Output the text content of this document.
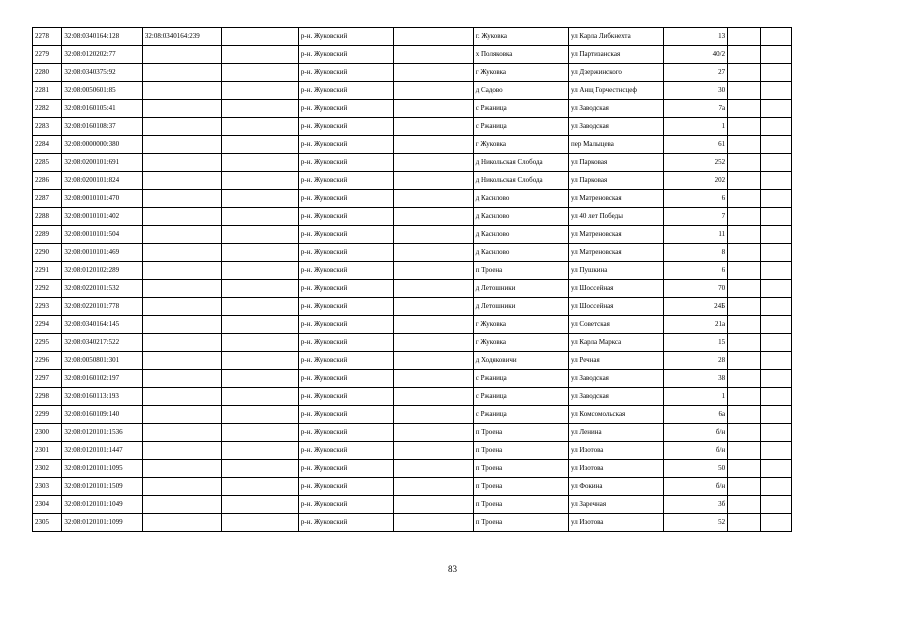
2278	32:08:0340164:128	32:08:0340164:239		р-н. Жуковский		г. Жуковка	ул Карла Либкнехта	13		
2279	32:08:0120202:77			р-н. Жуковский		х Поляковка	ул Партизанская	40/2		
2280	32:08:0340375:92			р-н. Жуковский		г Жуковка	ул Дзержинского	27		
2281	32:08:0050601:85			р-н. Жуковский		д Садово	ул Анщ Горчестнсцеф	30		
2282	32:08:0160105:41			р-н. Жуковский		с Ржаница	ул Заводская	7а		
2283	32:08:0160108:37			р-н. Жуковский		с Ржаница	ул Заводская	1		
2284	32:08:0000000:380			р-н. Жуковский		г Жуковка	пер Малыцева	61		
2285	32:08:0200101:691			р-н. Жуковский		д Никольская Слобода	ул Парковая	252		
2286	32:08:0200101:824			р-н. Жуковский		д Никольская Слобода	ул Парковая	202		
2287	32:08:0010101:470			р-н. Жуковский		д Каснлово	ул Матреновская	6		
2288	32:08:0010101:402			р-н. Жуковский		д Каснлово	ул 40 лет Победы	7		
2289	32:08:0010101:504			р-н. Жуковский		д Каснлово	ул Матреновская	11		
2290	32:08:0010101:469			р-н. Жуковский		д Каснлово	ул Матреновская	8		
2291	32:08:0120102:289			р-н. Жуковский		п Троена	ул Пушкина	6		
2292	32:08:0220101:532			р-н. Жуковский		д Летошники	ул Шоссейная	70		
2293	32:08:0220101:778			р-н. Жуковский		д Летошники	ул Шоссейная	24Б		
2294	32:08:0340164:145			р-н. Жуковский		г Жуковка	ул Советская	21а		
2295	32:08:0340217:522			р-н. Жуковский		г Жуковка	ул Карла Маркса	15		
2296	32:08:0050801:301			р-н. Жуковский		д Ходяковичи	ул Речная	28		
2297	32:08:0160102:197			р-н. Жуковский		с Ржаница	ул Заводская	38		
2298	32:08:0160113:193			р-н. Жуковский		с Ржаница	ул Заводская	1		
2299	32:08:0160109:140			р-н. Жуковский		с Ржаница	ул Комсомольская	6а		
2300	32:08:0120101:1536			р-н. Жуковский		п Троена	ул Ленина	б/н		
2301	32:08:0120101:1447			р-н. Жуковский		п Троена	ул Изотова	б/н		
2302	32:08:0120101:1095			р-н. Жуковский		п Троена	ул Изотова	50		
2303	32:08:0120101:1509			р-н. Жуковский		п Троена	ул Фокина	б/н		
2304	32:08:0120101:1049			р-н. Жуковский		п Троена	ул Заречная	3б		
2305	32:08:0120101:1099			р-н. Жуковский		п Троена	ул Изотова	52		
83
